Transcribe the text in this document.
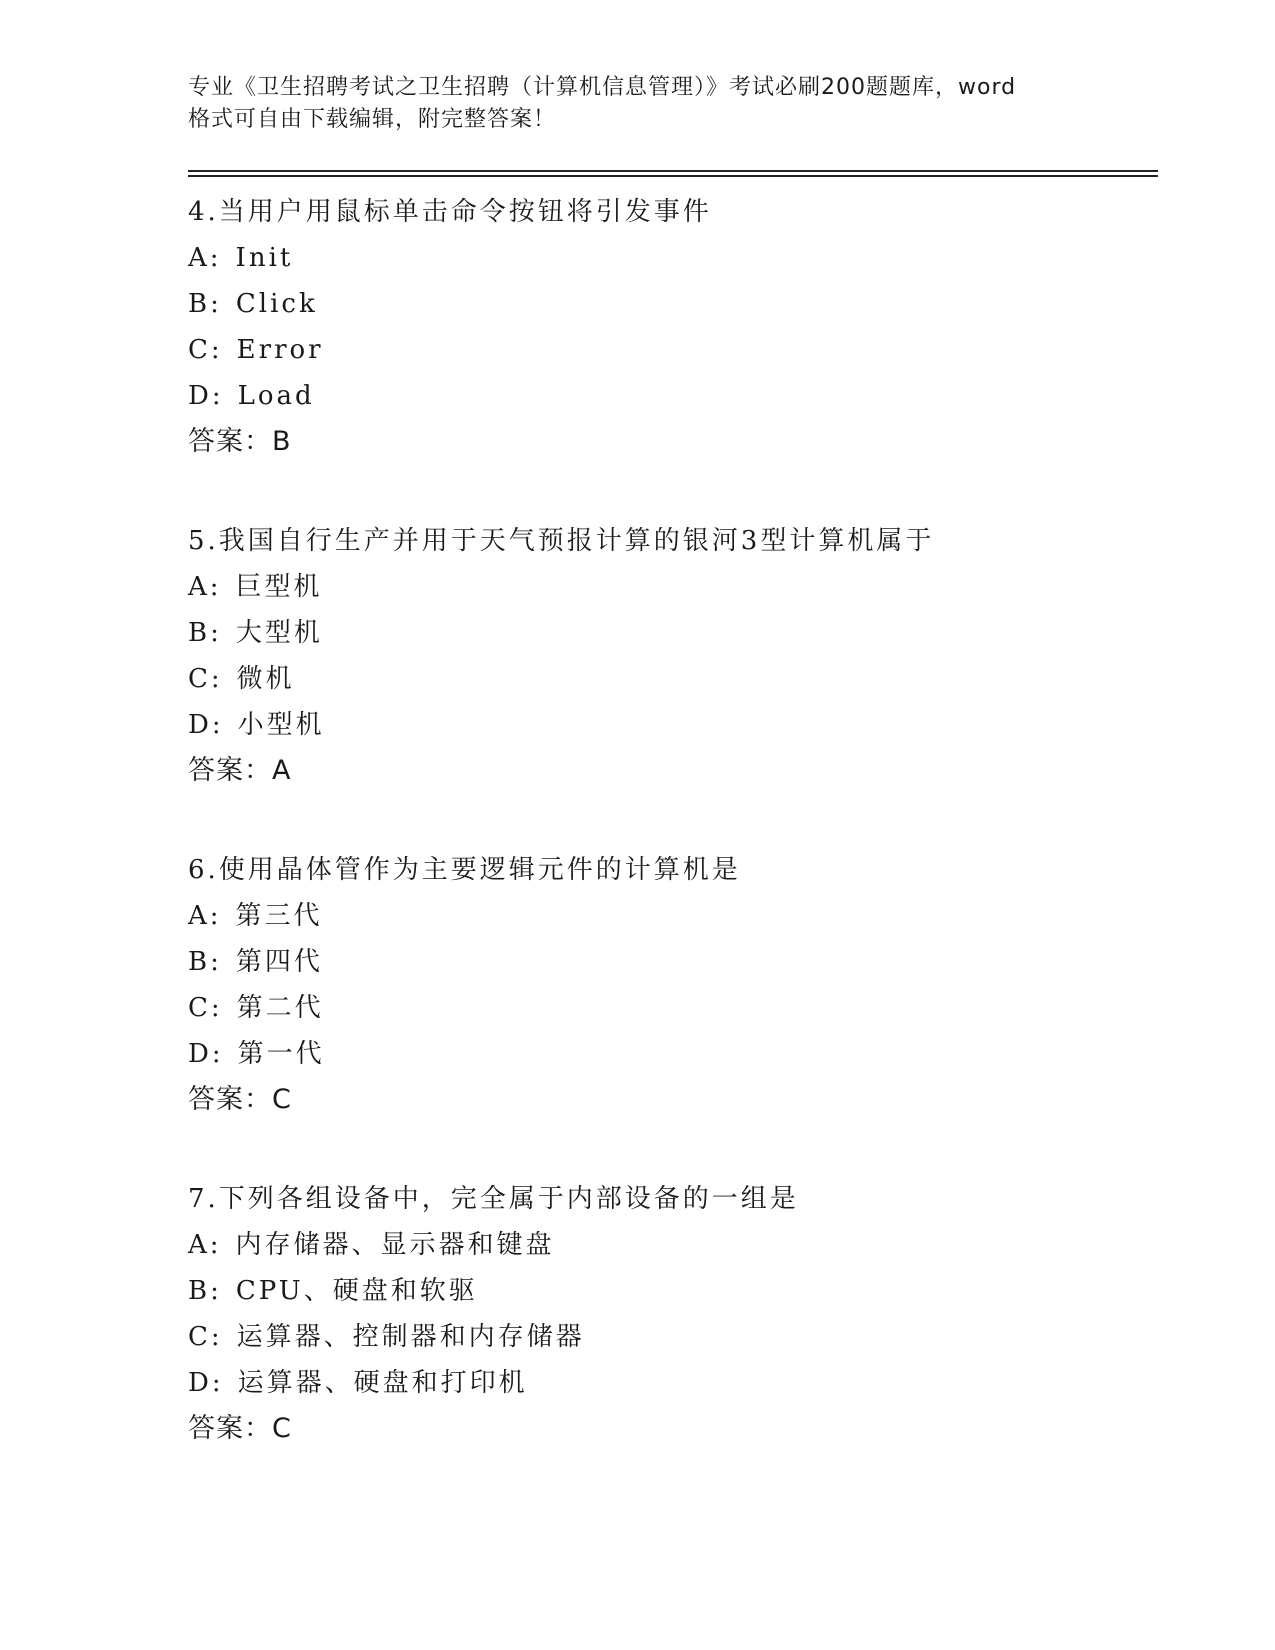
专业《卫生招聘考试之卫生招聘（计算机信息管理）》考试必刷200题题库，word
格式可自由下载编辑，附完整答案！
4.当用户用鼠标单击命令按钮将引发事件
A: Init
B: Click
C: Error
D: Load
答案：B
5.我国自行生产并用于天气预报计算的银河3型计算机属于
A: 巨型机
B: 大型机
C: 微机
D: 小型机
答案：A
6.使用晶体管作为主要逻辑元件的计算机是
A: 第三代
B: 第四代
C: 第二代
D: 第一代
答案：C
7.下列各组设备中，完全属于内部设备的一组是
A: 内存储器、显示器和键盘
B: CPU、硬盘和软驱
C: 运算器、控制器和内存储器
D: 运算器、硬盘和打印机
答案：C
